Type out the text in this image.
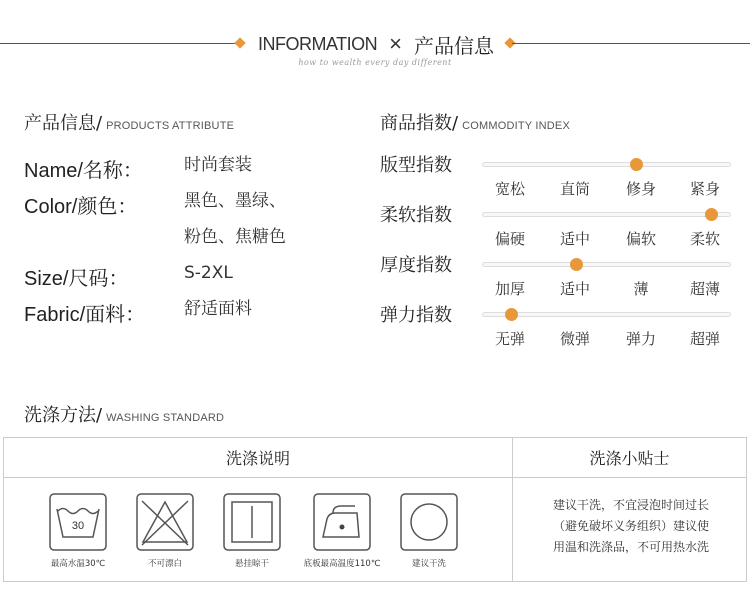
INFORMATION × 产品信息
how to wealth every day different
产品信息/ PRODUCTS ATTRIBUTE
Name/名称：	时尚套装
Color/颜色：	黑色、墨绿、
粉色、焦糖色
Size/尺码：	S-2XL
Fabric/面料：	舒适面料
商品指数/ COMMODITY INDEX
版型指数
宽松	直筒	修身	紧身
柔软指数
偏硬	适中	偏软	柔软
厚度指数
加厚	适中	薄	超薄
弹力指数
无弹	微弹	弹力	超弹
洗涤方法/ WASHING STANDARD
洗涤说明	洗涤小贴士
30
最高水温30℃	不可漂白	悬挂晾干	底板最高温度110℃	建议干洗
建议干洗，不宜浸泡时间过长
（避免破坏义务组织）建议使
用温和洗涤品，不可用热水洗
